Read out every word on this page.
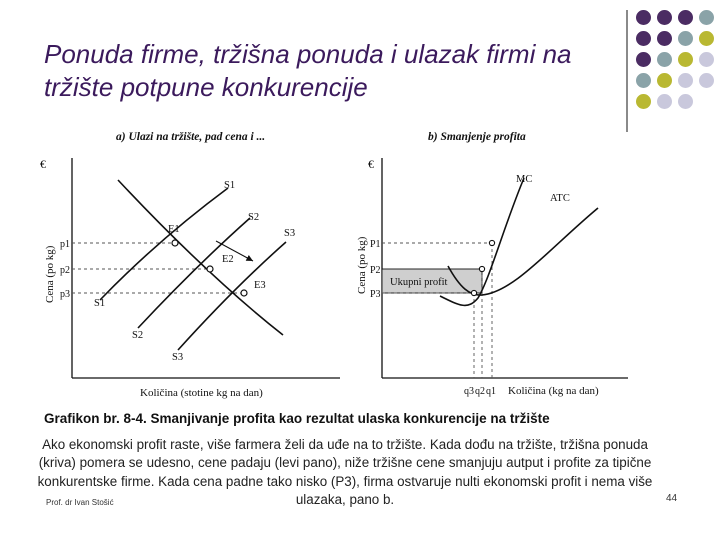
Ponuda firme, tržišna ponuda i ulazak firmi na tržište potpune konkurencije
a) Ulazi na tržište, pad cena i ...
€
Cena (po kg)
Količina (stotine kg na dan)
p1
p2
p3
S1
S2
S3
S1
S2
S3
E1
E2
E3
b) Smanjenje profita
€
Cena (po kg) Ukupni profit
P1
P2
P3
q3 q2 q1 Količina (kg na dan)
MC
ATC
Grafikon br. 8-4. Smanjivanje profita kao rezultat ulaska konkurencije na tržište
Ako ekonomski profit raste, više farmera želi da uđe na to tržište. Kada dođu na tržište, tržišna ponuda (kriva) pomera se udesno, cene padaju (levi pano), niže tržišne cene smanjuju autput i profite za tipične konkurentske firme. Kada cena padne tako nisko (P3), firma ostvaruje nulti ekonomski profit i nema više ulazaka, pano b.
Prof. dr Ivan Stošić	44
